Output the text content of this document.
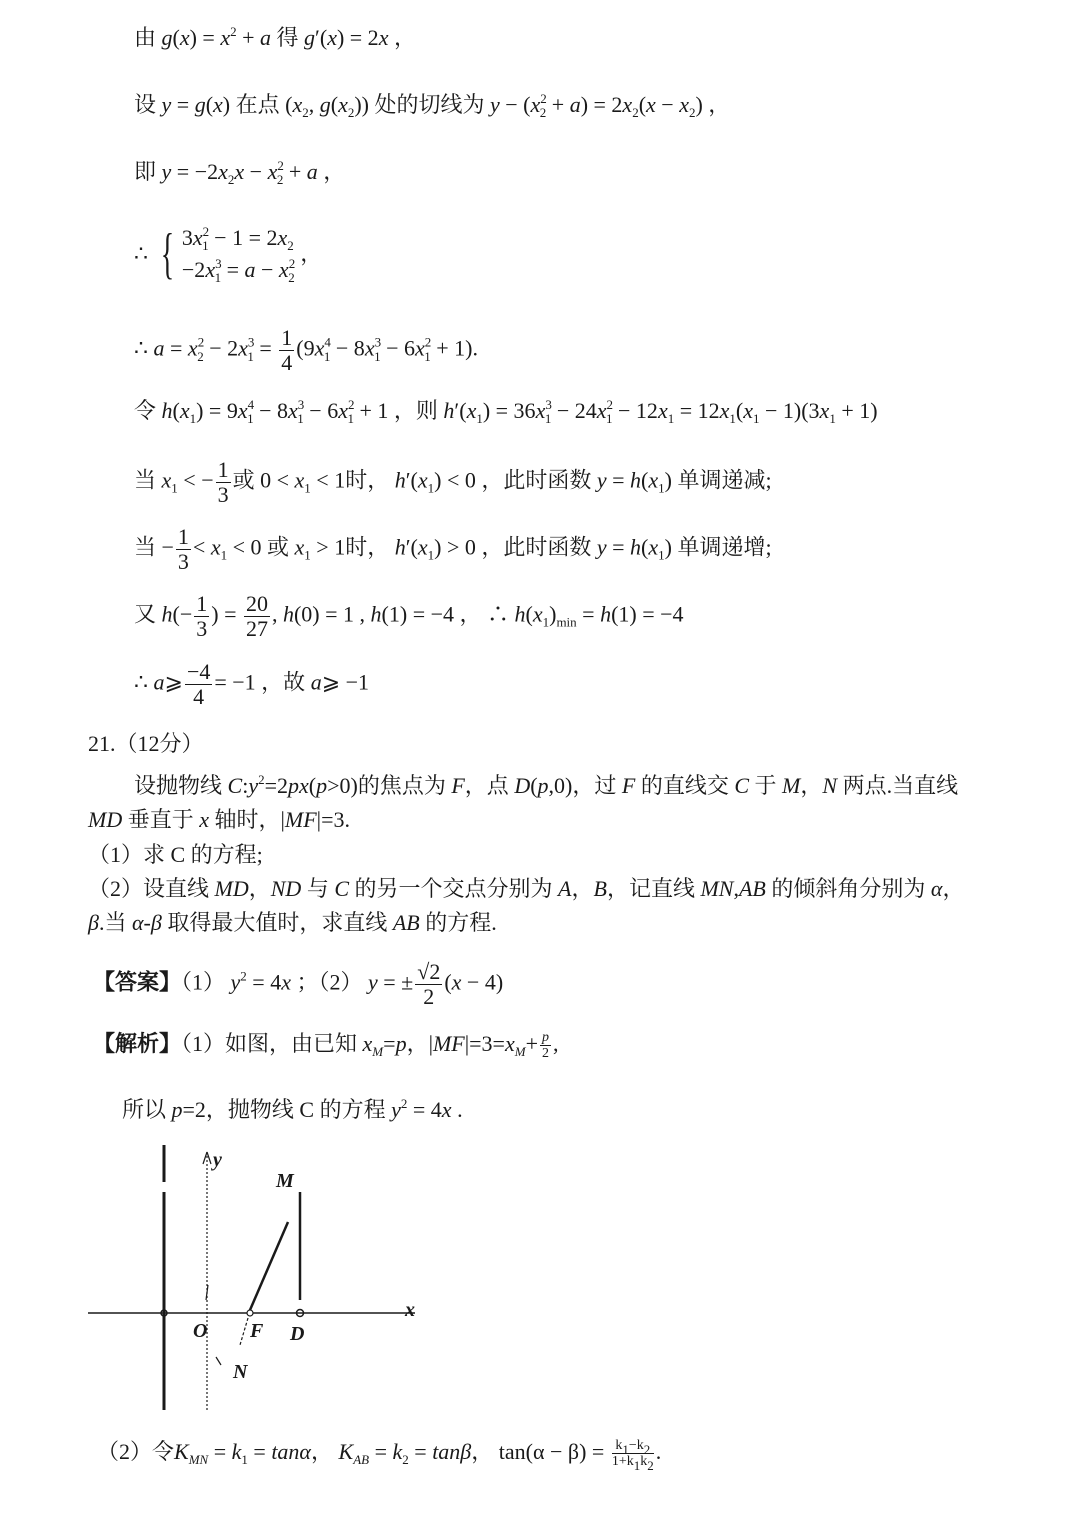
由 $g(x) = x^2 + a$ 得 g′(x) = 2x ，
设 y = g(x) 在点 ($x_2$, $g(x_2)$) 处的切线为 $y - (x^2_2 + a) = 2x_2(x - x_2)$ ，
即 $y = -2x_2x - x^2_2 + a$ ，
∴ { $3x^2_1 - 1 = 2x_2$
$-2x^3_1 = a - x^2_2$
，
∴ $a = x^2_2 - 2x^3_1 = \frac{1}{4} (9x^4_1 - 8x^3_1 - 6x^2_1 + 1)$.
令 $h(x_1) = 9x^4_1 - 8x^3_1 - 6x^2_1 + 1$ ，则 $h'(x_1) = 36x^3_1 - 24x^2_1 - 12x_1 = 12x_1(x_1 - 1)(3x_1 + 1)$
当 $x_1$ < − $\frac{1}{3}$ 或 $0 < x_1 < 1$时， $h'(x_1) < 0$ ，此时函数 $y = h(x_1)$ 单调递减;
当 − $\frac{1}{3} < x_1 < 0$ 或 $x_1 > 1$时， $h'(x_1) > 0$ ，此时函数 $y = h(x_1)$ 单调递增;
又 $h(- \frac{1}{3}$ ) = $\frac{20}{27}$ , h(0) = 1 , h(1) = −4 ， ∴ $h(x_1)_{min} = h(1) = -4$
∴ a⩾ $\frac{-4}{4} = -1$ ，故 a⩾ −1
21.（12分）
设抛物线 $C:y^2=2px(p>0)$的焦点为 F，点 D(p,0)，过 F 的直线交 C 于 M，N 两点.当直线
MD 垂直于 x 轴时，|MF|=3.
（1）求 C 的方程;
（2）设直线 MD，ND 与 C 的另一个交点分别为 A，B，记直线 MN,AB 的倾斜角分别为 α，
β.当 α-β 取得最大值时，求直线 AB 的方程.
【答案】（1） $y^2 = 4x$ ；（2） y = ± $\frac{√2}{2} (x - 4)$
【解析】（1）如图，由已知 $x_M=p$，$|MF|=3=x_M+ \frac{p}{2}$ ,
所以 p=2，抛物线 C 的方程 $y^2 = 4x$ .
y
x
O F D
M
N
（2）令$K_{MN} = k_1 = \tan\alpha$， $K_{AB} = k_2 = \tan\beta$， $\tan(\alpha - \beta) = \frac{k_1-k_2}{1+k_1k_2}$ .
